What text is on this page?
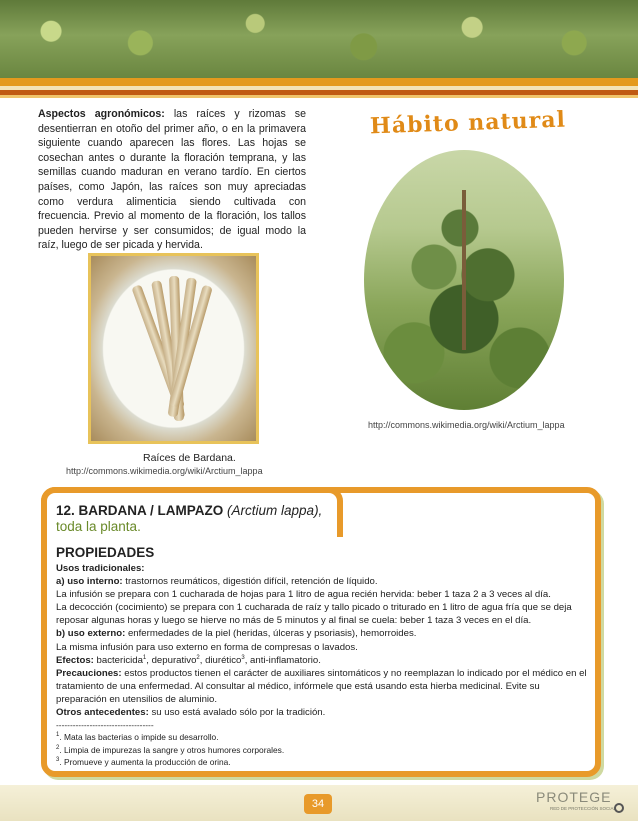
Aspectos agronómicos: las raíces y rizomas se desentierran en otoño del primer año, o en la primavera siguiente cuando aparecen las flores. Las hojas se cosechan antes o durante la floración temprana, y las semillas cuando maduran en verano tardío. En ciertos países, como Japón, las raíces son muy apreciadas como verdura alimenticia siendo cultivada con frecuencia. Previo al momento de la floración, los tallos pueden hervirse y ser consumidos; de igual modo la raíz, luego de ser picada y hervida.

Hábito natural
http://commons.wikimedia.org/wiki/Arctium_lappa
Raíces de Bardana.
http://commons.wikimedia.org/wiki/Arctium_lappa
12. BARDANA / LAMPAZO (Arctium lappa),
toda la planta.
PROPIEDADES

Usos tradicionales:

a) uso interno: trastornos reumáticos, digestión difícil, retención de líquido.

La infusión se prepara con 1 cucharada de hojas para 1 litro de agua recién hervida: beber 1 taza 2 a 3 veces al día.

La decocción (cocimiento) se prepara con 1 cucharada de raíz y tallo picado o triturado en 1 litro de agua fría que se deja reposar algunas horas y luego se hierve no más de 5 minutos y al final se cuela: beber 1 taza 3 veces en el día.

b) uso externo: enfermedades de la piel (heridas, úlceras y psoriasis), hemorroides.

La misma infusión para uso externo en forma de compresas o lavados.

Efectos: bactericida$^1$, depurativo$^2$, diurético$^3$, anti-inflamatorio.

Precauciones: estos productos tienen el carácter de auxiliares sintomáticos y no reemplazan lo indicado por el médico en el tratamiento de una enfermedad. Al consultar al médico, infórmele que está usando esta hierba medicinal. Evite su preparación en utensilios de aluminio.

Otros antecedentes: su uso está avalado sólo por la tradición.

-----------------------------------

$^1$. Mata las bacterias o impide su desarrollo.

$^2$. Limpia de impurezas la sangre y otros humores corporales.

$^3$. Promueve y aumenta la producción de orina.

34	PROTEGE
RED DE PROTECCIÓN SOCIAL
